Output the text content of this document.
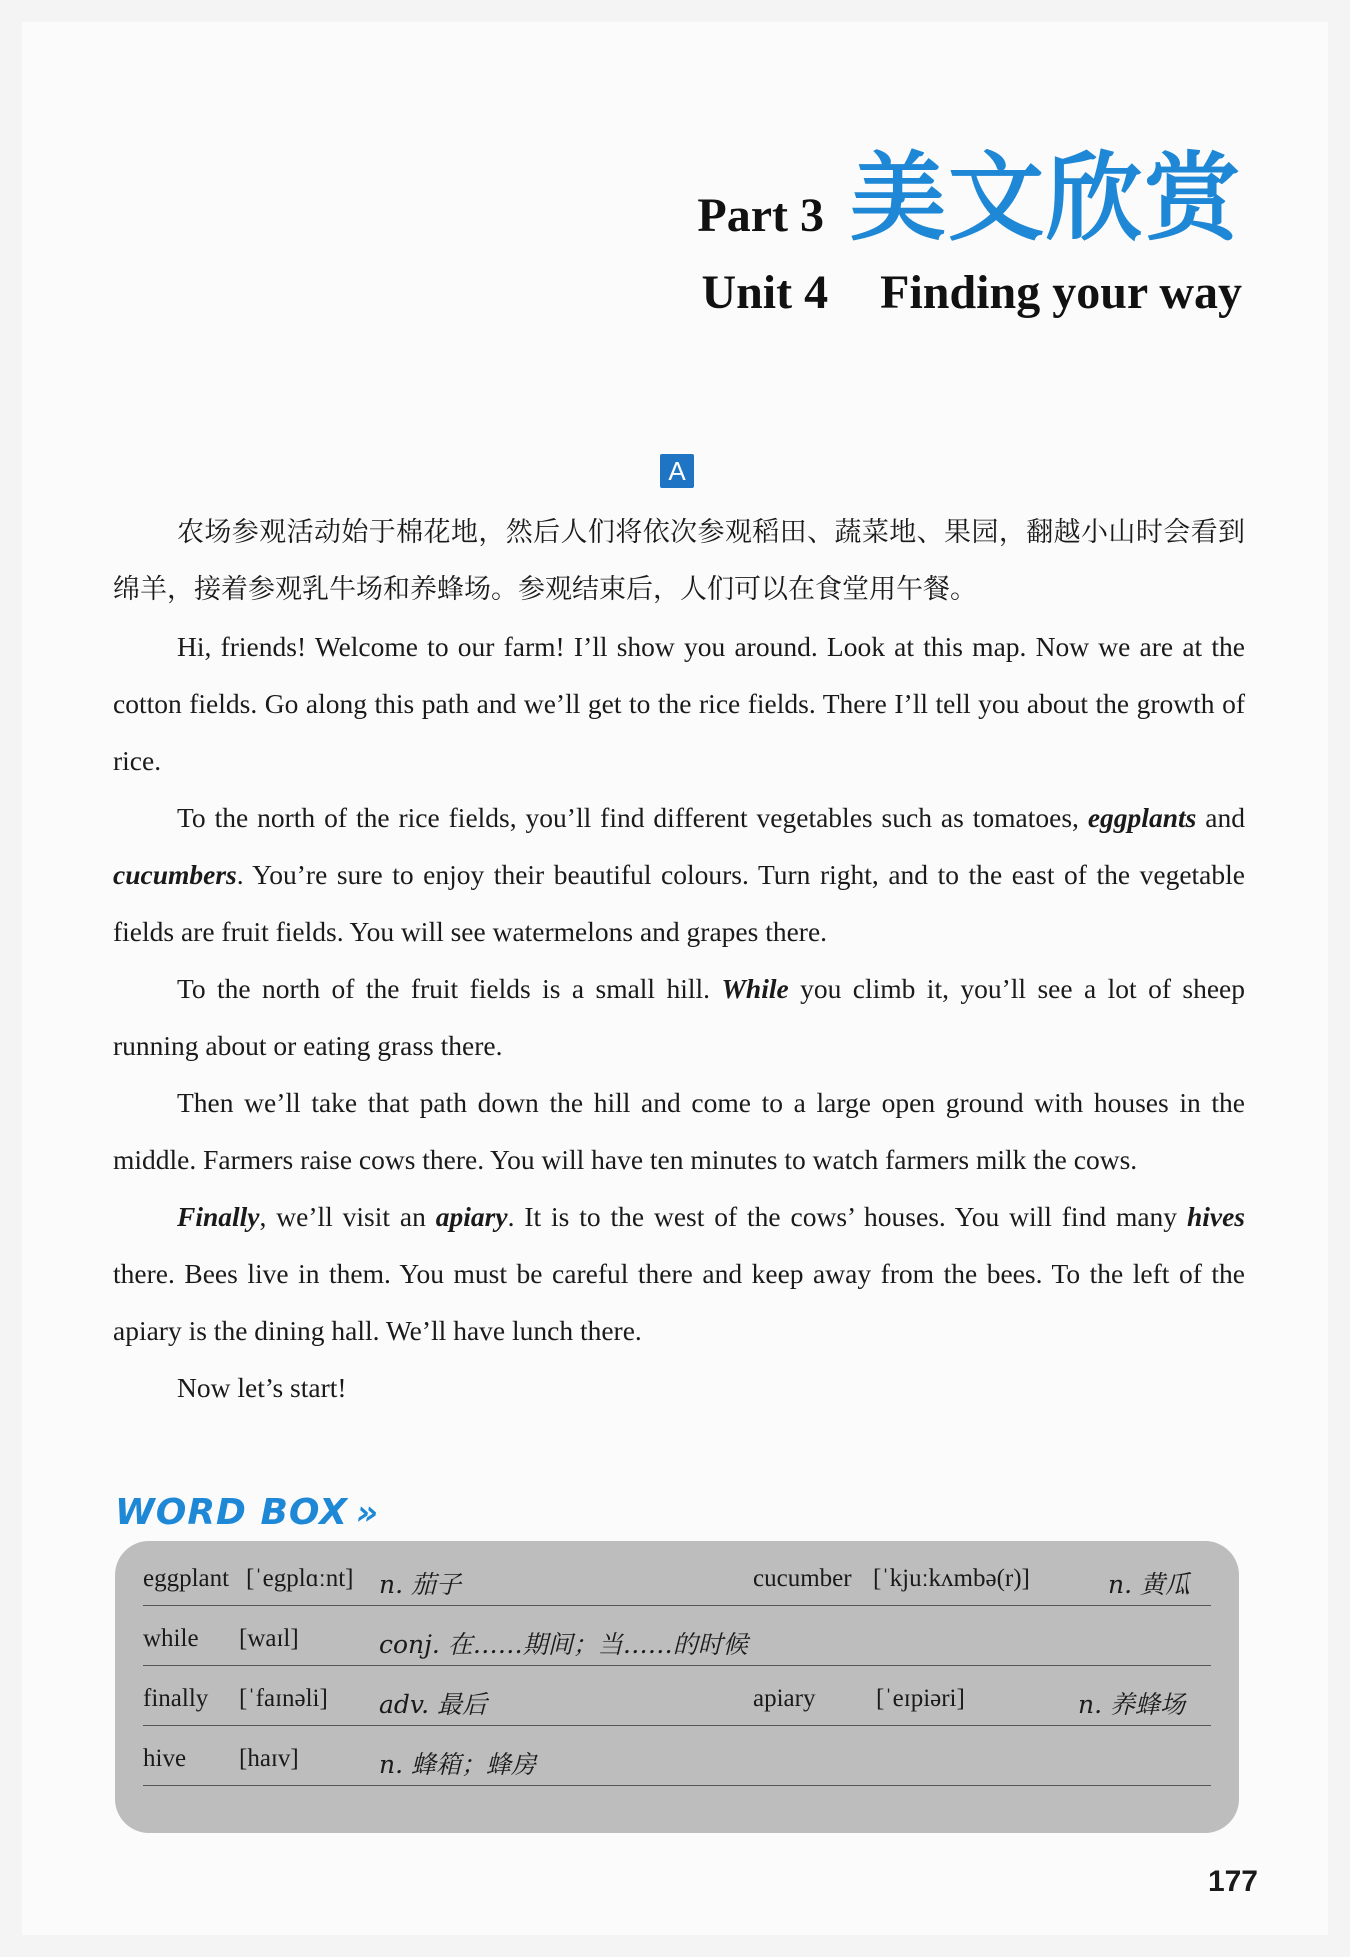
Part 3 美文欣赏
Unit 4 Finding your way
A

农场参观活动始于棉花地，然后人们将依次参观稻田、蔬菜地、果园，翻越小山时会看到绵羊，接着参观乳牛场和养蜂场。参观结束后，人们可以在食堂用午餐。

Hi, friends! Welcome to our farm! I’ll show you around. Look at this map. Now we are at the cotton fields. Go along this path and we’ll get to the rice fields. There I’ll tell you about the growth of rice.

To the north of the rice fields, you’ll find different vegetables such as tomatoes, eggplants and cucumbers. You’re sure to enjoy their beautiful colours. Turn right, and to the east of the vegetable fields are fruit fields. You will see watermelons and grapes there.

To the north of the fruit fields is a small hill. While you climb it, you’ll see a lot of sheep running about or eating grass there.

Then we’ll take that path down the hill and come to a large open ground with houses in the middle. Farmers raise cows there. You will have ten minutes to watch farmers milk the cows.

Finally, we’ll visit an apiary. It is to the west of the cows’ houses. You will find many hives there. Bees live in them. You must be careful there and keep away from the bees. To the left of the apiary is the dining hall. We’ll have lunch there.

Now let’s start!

WORD BOX »
eggplant [ˈegplɑːnt] n. 茄子	cucumber [ˈkjuːkʌmbə(r)]	n. 黄瓜
while [waɪl]	conj. 在……期间；当……的时候
finally [ˈfaɪnəli] adv. 最后	apiary [ˈeɪpiəri]	n. 养蜂场
hive [haɪv]	n. 蜂箱；蜂房
177
